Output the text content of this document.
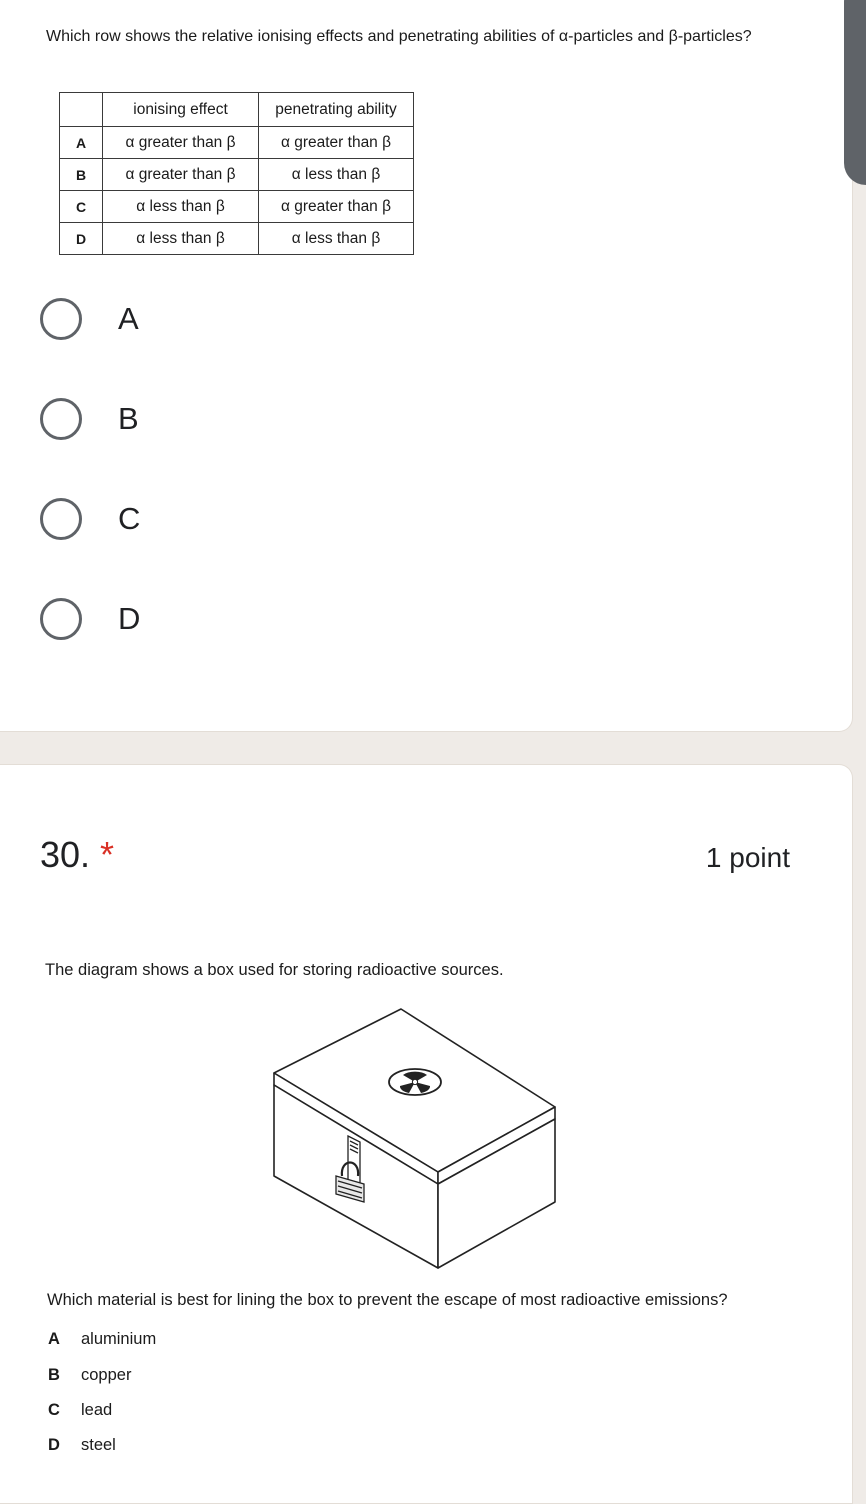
Which row shows the relative ionising effects and penetrating abilities of α-particles and β-particles?
	ionising effect	penetrating ability
A	α greater than β	α greater than β
B	α greater than β	α less than β
C	α less than β	α greater than β
D	α less than β	α less than β
A
B
C
D
30. *	1 point
The diagram shows a box used for storing radioactive sources.
Which material is best for lining the box to prevent the escape of most radioactive emissions?
A aluminium
B copper
C lead
D steel
